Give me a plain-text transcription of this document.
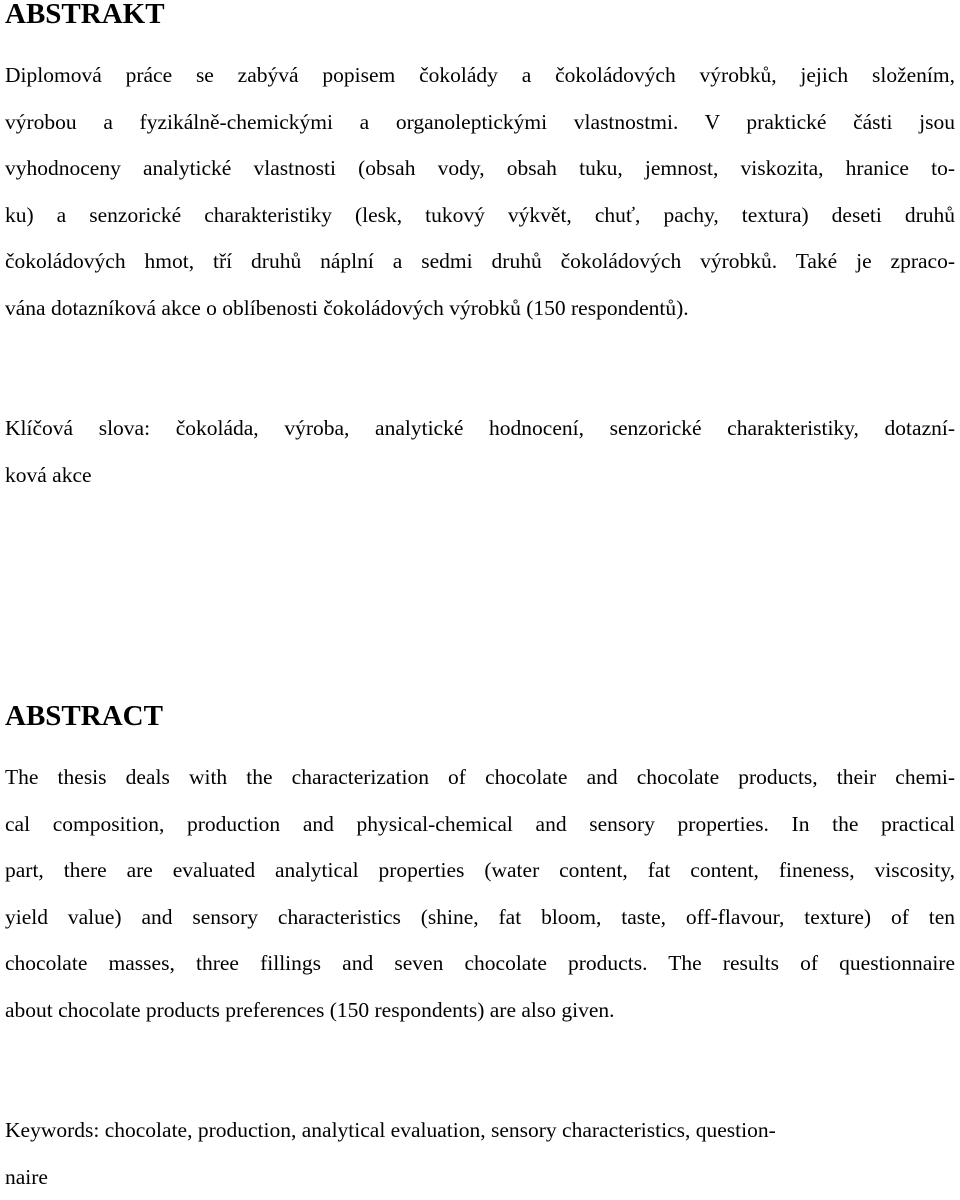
ABSTRAKT
Diplomová práce se zabývá popisem čokolády a čokoládových výrobků, jejich složením,
výrobou a fyzikálně-chemickými a organoleptickými vlastnostmi. V praktické části jsou
vyhodnoceny analytické vlastnosti (obsah vody, obsah tuku, jemnost, viskozita, hranice to-
ku) a senzorické charakteristiky (lesk, tukový výkvět, chuť, pachy, textura) deseti druhů
čokoládových hmot, tří druhů náplní a sedmi druhů čokoládových výrobků. Také je zpraco-
vána dotazníková akce o oblíbenosti čokoládových výrobků (150 respondentů).
Klíčová slova: čokoláda, výroba, analytické hodnocení, senzorické charakteristiky, dotazní-
ková akce
ABSTRACT
The thesis deals with the characterization of chocolate and chocolate products, their chemi-
cal composition, production and physical-chemical and sensory properties. In the practical
part, there are evaluated analytical properties (water content, fat content, fineness, viscosity,
yield value) and sensory characteristics (shine, fat bloom, taste, off-flavour, texture) of ten
chocolate masses, three fillings and seven chocolate products. The results of questionnaire
about chocolate products preferences (150 respondents) are also given.
Keywords: chocolate, production, analytical evaluation, sensory characteristics, question-
naire
